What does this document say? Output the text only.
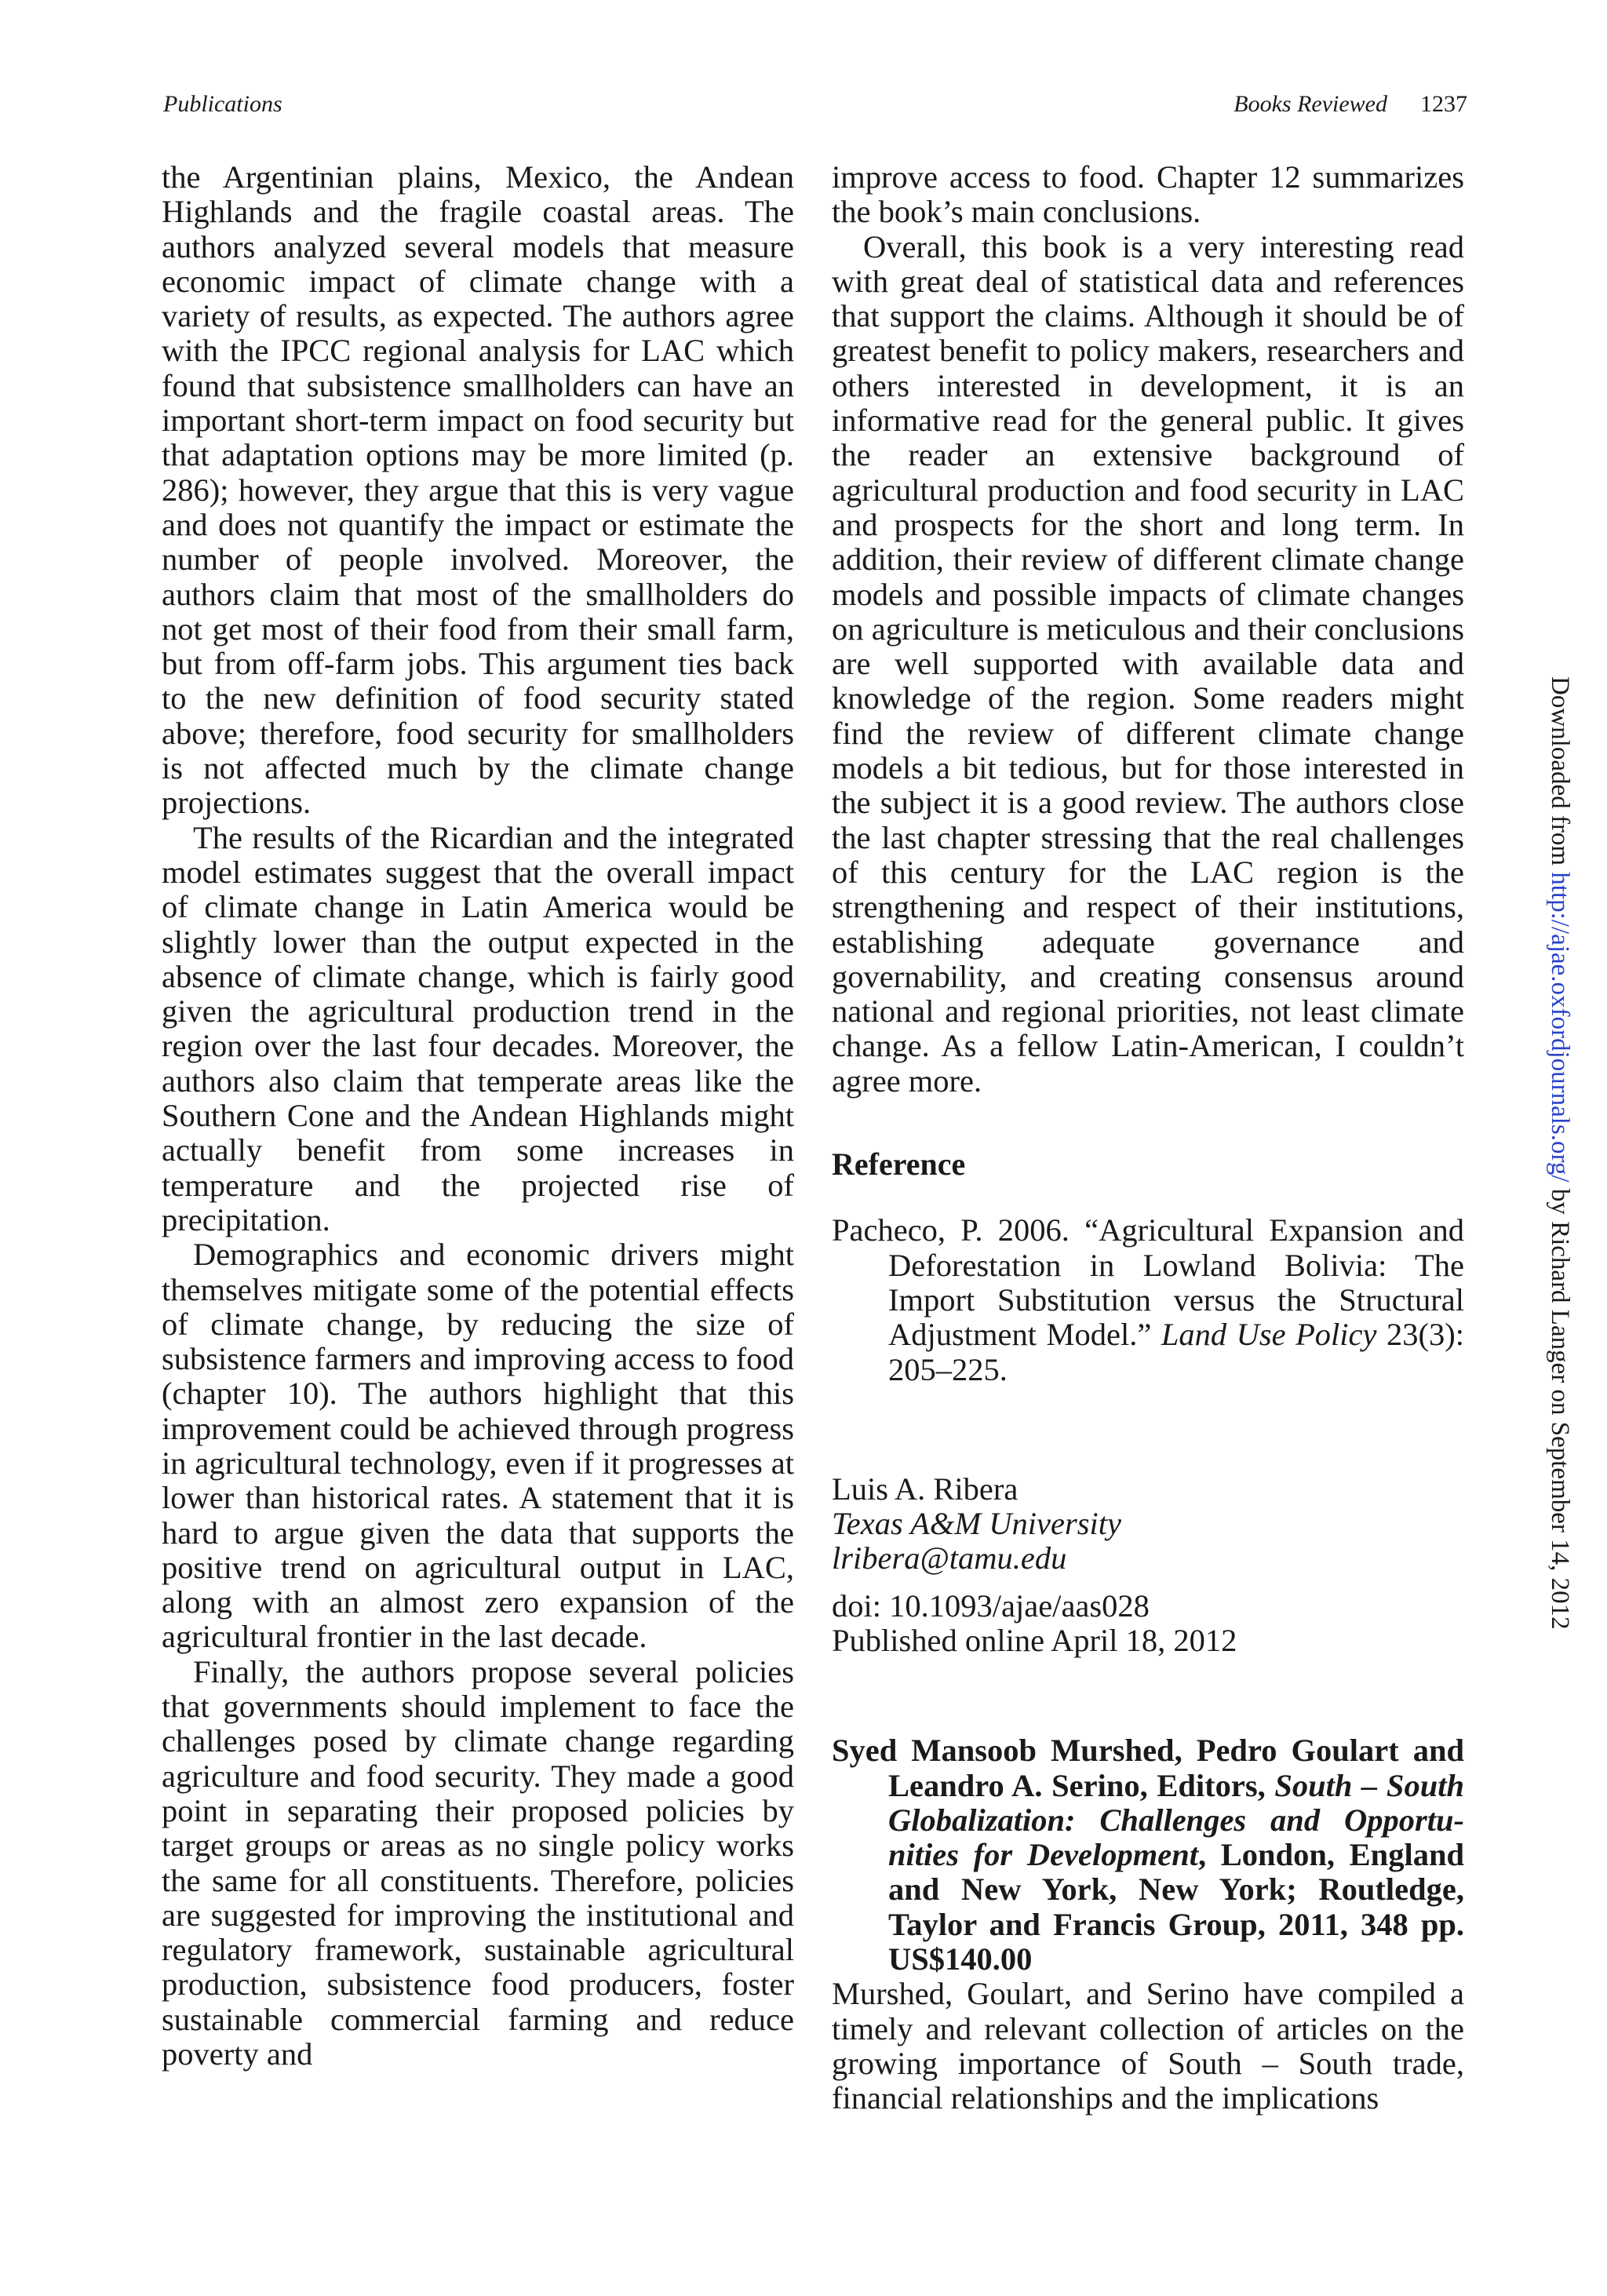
Publications	Books Reviewed 1237

the Argentinian plains, Mexico, the Andean Highlands and the fragile coastal areas. The authors analyzed several models that measure economic impact of climate change with a variety of results, as expected. The authors agree with the IPCC regional analysis for LAC which found that subsistence smallholders can have an important short-term impact on food security but that adaptation options may be more limited (p. 286); however, they argue that this is very vague and does not quantify the impact or estimate the number of people involved. Moreover, the authors claim that most of the smallholders do not get most of their food from their small farm, but from off-farm jobs. This argument ties back to the new definition of food security stated above; therefore, food security for smallholders is not affected much by the climate change projections.

The results of the Ricardian and the integrated model estimates suggest that the overall impact of climate change in Latin America would be slightly lower than the output expected in the absence of climate change, which is fairly good given the agricultural production trend in the region over the last four decades. Moreover, the authors also claim that temperate areas like the Southern Cone and the Andean Highlands might actually benefit from some increases in temperature and the projected rise of precipitation.

Demographics and economic drivers might themselves mitigate some of the potential effects of climate change, by reducing the size of subsistence farmers and improving access to food (chapter 10). The authors highlight that this improvement could be achieved through progress in agricultural technology, even if it progresses at lower than historical rates. A statement that it is hard to argue given the data that supports the positive trend on agricultural output in LAC, along with an almost zero expansion of the agricultural frontier in the last decade.

Finally, the authors propose several policies that governments should implement to face the challenges posed by climate change regarding agriculture and food security. They made a good point in separating their proposed policies by target groups or areas as no single policy works the same for all constituents. Therefore, policies are suggested for improving the institutional and regulatory framework, sustainable agricultural production, subsistence food producers, foster sustainable commercial farming and reduce poverty and

improve access to food. Chapter 12 summarizes the book’s main conclusions.

Overall, this book is a very interesting read with great deal of statistical data and references that support the claims. Although it should be of greatest benefit to policy makers, researchers and others interested in development, it is an informative read for the general public. It gives the reader an extensive background of agricultural production and food security in LAC and prospects for the short and long term. In addition, their review of different climate change models and possible impacts of climate changes on agriculture is meticulous and their conclusions are well supported with available data and knowledge of the region. Some readers might find the review of different climate change models a bit tedious, but for those interested in the subject it is a good review. The authors close the last chapter stressing that the real challenges of this century for the LAC region is the strengthening and respect of their institutions, establishing adequate governance and governability, and creating consensus around national and regional priorities, not least climate change. As a fellow Latin-American, I couldn’t agree more.

Reference

Pacheco, P. 2006. “Agricultural Expansion and Deforestation in Lowland Bolivia: The Import Substitution versus the Structural Adjustment Model.” Land Use Policy 23(3): 205–225.

Luis A. Ribera
Texas A&M University
lribera@tamu.edu
doi: 10.1093/ajae/aas028
Published online April 18, 2012
Syed Mansoob Murshed, Pedro Goulart and Leandro A. Serino, Editors, South – South Globalization: Challenges and Opportunities for Development, London, England and New York, New York; Routledge, Taylor and Francis Group, 2011, 348 pp. US$140.00

Murshed, Goulart, and Serino have compiled a timely and relevant collection of articles on the growing importance of South – South trade, financial relationships and the implications

Downloaded from http://ajae.oxfordjournals.org/ by Richard Langer on September 14, 2012
